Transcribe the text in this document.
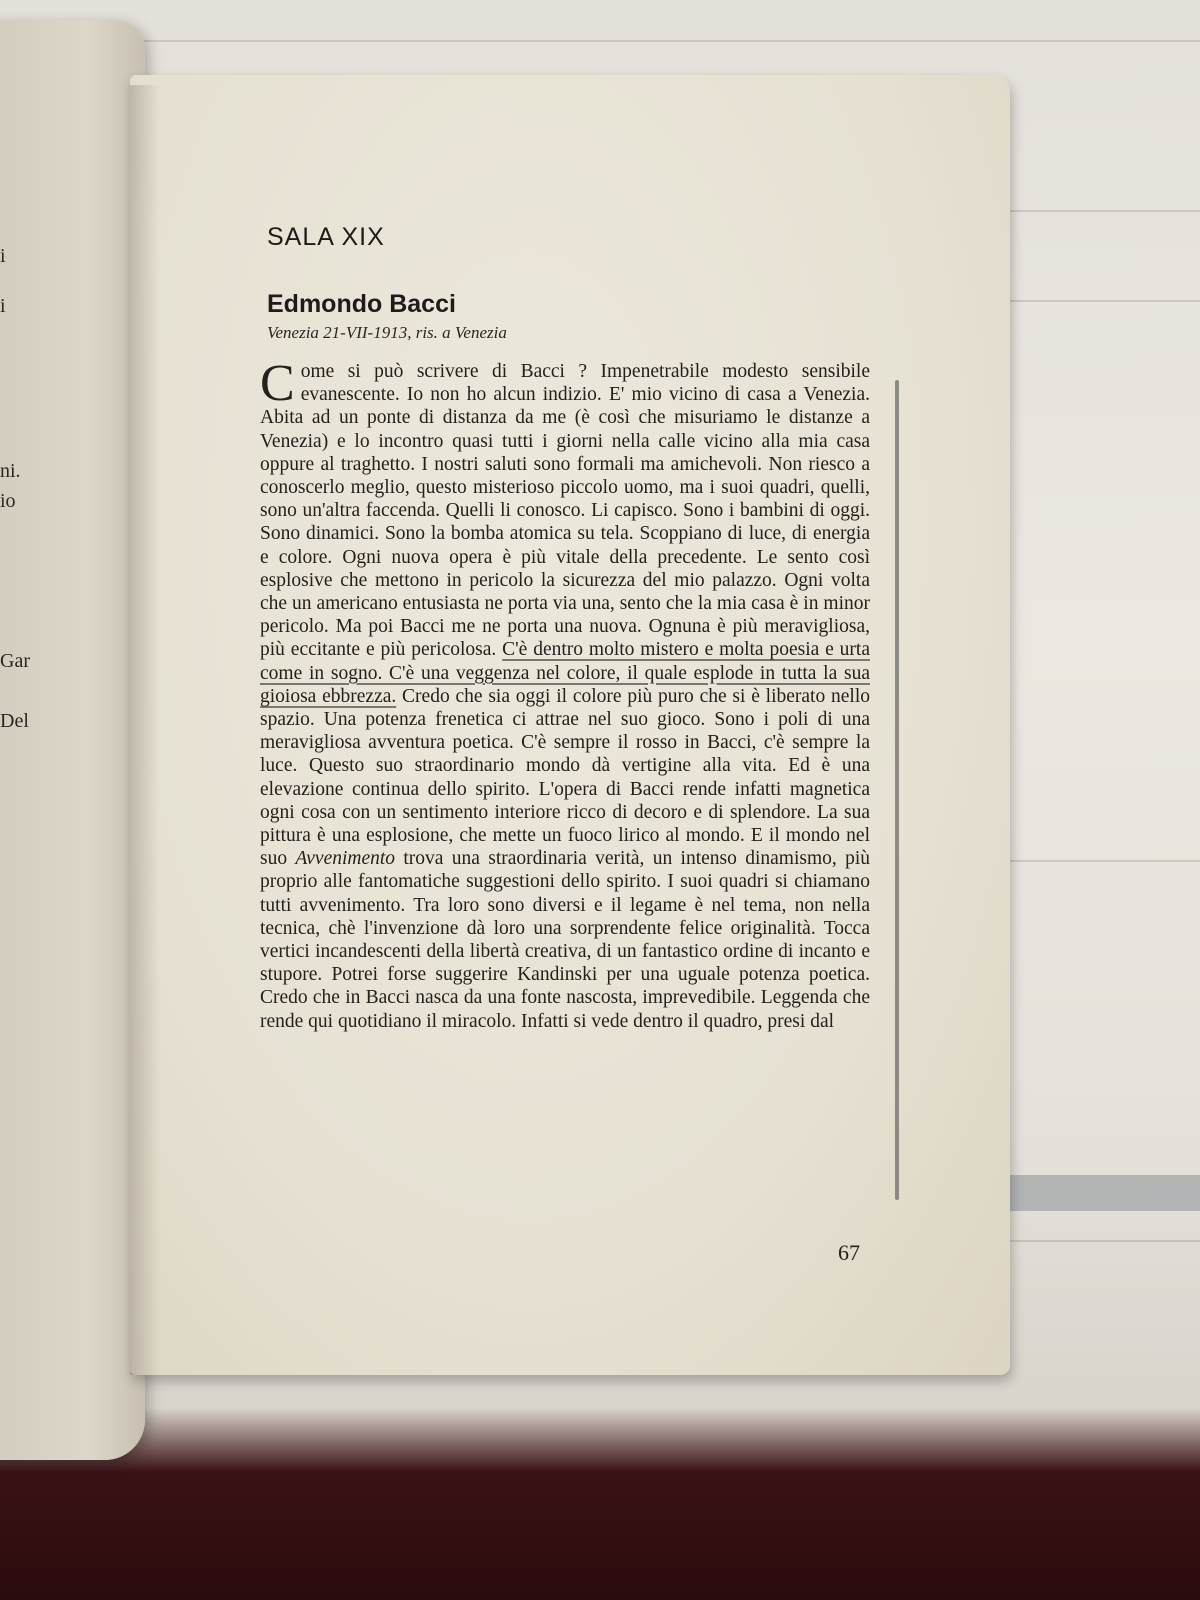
i
i
ni.
io
Gar
Del
SALA XIX
Edmondo Bacci
Venezia 21-VII-1913, ris. a Venezia
Come si può scrivere di Bacci ? Impenetrabile modesto sensibile evanescente. Io non ho alcun indizio. E' mio vicino di casa a Venezia. Abita ad un ponte di distanza da me (è così che misuriamo le distanze a Venezia) e lo incontro quasi tutti i giorni nella calle vicino alla mia casa oppure al traghetto. I nostri saluti sono formali ma amichevoli. Non riesco a conoscerlo meglio, questo misterioso piccolo uomo, ma i suoi quadri, quelli, sono un'altra faccenda. Quelli li conosco. Li capisco. Sono i bambini di oggi. Sono dinamici. Sono la bomba atomica su tela. Scoppiano di luce, di energia e colore. Ogni nuova opera è più vitale della precedente. Le sento così esplosive che mettono in pericolo la sicurezza del mio palazzo. Ogni volta che un americano entusiasta ne porta via una, sento che la mia casa è in minor pericolo. Ma poi Bacci me ne porta una nuova. Ognuna è più meravigliosa, più eccitante e più pericolosa. C'è dentro molto mistero e molta poesia e urta come in sogno. C'è una veggenza nel colore, il quale esplode in tutta la sua gioiosa ebbrezza. Credo che sia oggi il colore più puro che si è liberato nello spazio. Una potenza frenetica ci attrae nel suo gioco. Sono i poli di una meravigliosa avventura poetica. C'è sempre il rosso in Bacci, c'è sempre la luce. Questo suo straordinario mondo dà vertigine alla vita. Ed è una elevazione continua dello spirito. L'opera di Bacci rende infatti magnetica ogni cosa con un sentimento interiore ricco di decoro e di splendore. La sua pittura è una esplosione, che mette un fuoco lirico al mondo. E il mondo nel suo Avvenimento trova una straordinaria verità, un intenso dinamismo, più proprio alle fantomatiche suggestioni dello spirito. I suoi quadri si chiamano tutti avvenimento. Tra loro sono diversi e il legame è nel tema, non nella tecnica, chè l'invenzione dà loro una sorprendente felice originalità. Tocca vertici incandescenti della libertà creativa, di un fantastico ordine di incanto e stupore. Potrei forse suggerire Kandinski per una uguale potenza poetica. Credo che in Bacci nasca da una fonte nascosta, imprevedibile. Leggenda che rende qui quotidiano il miracolo. Infatti si vede dentro il quadro, presi dal
67
